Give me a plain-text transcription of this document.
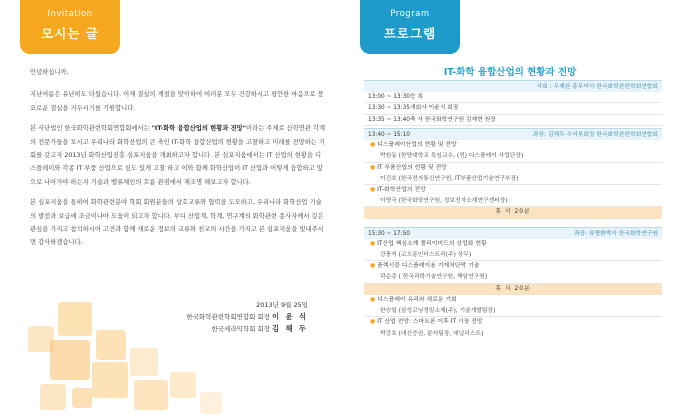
Invitation
모시는 글

안녕하십니까,

지난여름은 유난히도 더웠습니다. 이제 결실의 계절을 맞이하여 여러분 모두 건강하시고 평안한 마음으로 풍요로운 결실을 거두시기를 기원합니다.

본 사단법인 한국화학관련학회연합회에서는 "IT-화학 융합산업의 현황과 전망"이라는 주제로 산학연관 각계의 전문가들을 모시고 우리나라 화학산업의 큰 축인 IT-화학 융합산업의 현황을 고찰하고 미래를 전망하는 기회를 갖고자 2013년 화학산업진흥 심포지움을 개최하고자 합니다. 본 심포지움에서는 IT 산업의 현황을 디스플레이와 각종 IT 부품 산업으로 심도 있게 고찰 하고 이와 함께 화학산업이 IT 산업과 어떻게 융합하고 앞으로 나아가야 하는지 기술과 밸류체인의 흐름 관점에서 재조명 해보고자 합니다.

본 심포지움을 통하여 화학관련분야 학회 회원분들의 상호교류와 협력을 도모하고, 우리나라 화학산업 기술의 발전과 보급에 조금이나마 도움이 되고자 합니다. 부디 산업계, 학계, 연구계의 화학관련 종사자께서 깊은 관심을 가지고 참석하시어 고견과 함께 새로운 정보의 교류와 친교의 시간을 가지고 본 심포지움을 빛내주시면 감사하겠습니다.

2013년 9월 25일
한국화학관련학회연합회 회장 이 윤 식
한국세라믹학회 회장 김 해 두
Program
프로그램
IT-화학 융합산업의 현황과 전망
사회 : 우제완 총무이사 한국화학관련학회연합회
13:00 ~ 13:30 등 록
13:30 ~ 13:35 개회사 이윤식 회장
13:35 ~ 13:40 축 사 한국화학연구원 김재현 원장
13:40 ~ 15:10	좌장: 김해두 수석부회장 한국화학관련학회연합회
● 디스플레이산업의 현황 및 전망
박원동 (한양대학교 특임교수, (전) 디스플레이 사업단장)
● IT 부품산업의 현황 및 전망
이진호 (한국전자통신연구원, IT부품산업기술연구부장)
● IT-화학산업의 전망
이영국 (한국화학연구원, 정보전자소재연구센터장)
휴 식 20분
15:30 ~ 17:50	좌장: 류병환박사 한국화학연구원
● IT산업 핵심소재 폴리이미드의 상업화 현황
강충석 (코오롱인더스트리(주) 상무)
● 플렉시블 디스플레이용 기재처단막 기술
곽순종 ( 한국과학기술연구원, 책임연구원)
휴 식 20분
● 디스플레이 유리와 새로운 기회
한승일 (삼성코닝정밀소재(주), 기술개발팀장)
● IT 산업 전망: 스마트폰 이후 IT 시장 전망
박강호 (대신증권, 분석팀장, 애널리스트)
